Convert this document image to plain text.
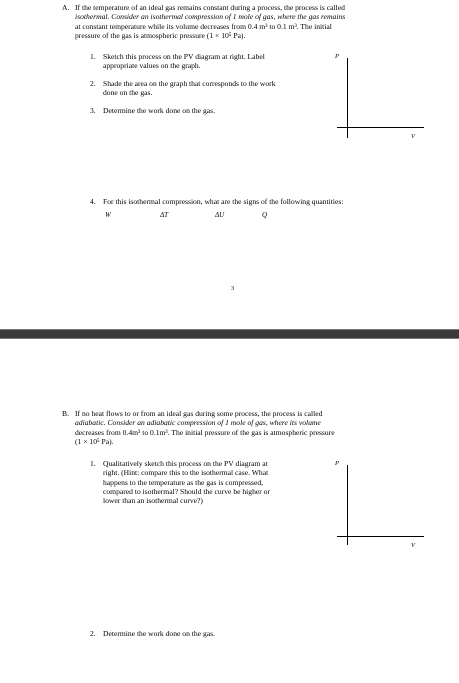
A. If the temperature of an ideal gas remains constant during a process, the process is called
isothermal. Consider an isothermal compression of 1 mole of gas, where the gas remains
at constant temperature while its volume decreases from 0.4 m³ to 0.1 m³. The initial
pressure of the gas is atmospheric pressure (1 × 10⁵ Pa).
1. Sketch this process on the PV diagram at right. Label
appropriate values on the graph.
2. Shade the area on the graph that corresponds to the work
done on the gas.
3. Determine the work done on the gas.
P
V
4. For this isothermal compression, what are the signs of the following quantities:
W	ΔT	ΔU	Q
3
B. If no heat flows to or from an ideal gas during some process, the process is called
adiabatic. Consider an adiabatic compression of 1 mole of gas, where its volume
decreases from 0.4m³ to 0.1m³. The initial pressure of the gas is atmospheric pressure
(1 × 10⁵ Pa).
1. Qualitatively sketch this process on the PV diagram at
right. (Hint: compare this to the isothermal case. What
happens to the temperature as the gas is compressed,
compared to isothermal? Should the curve be higher or
lower than an isothermal curve?)
P
V
2. Determine the work done on the gas.
